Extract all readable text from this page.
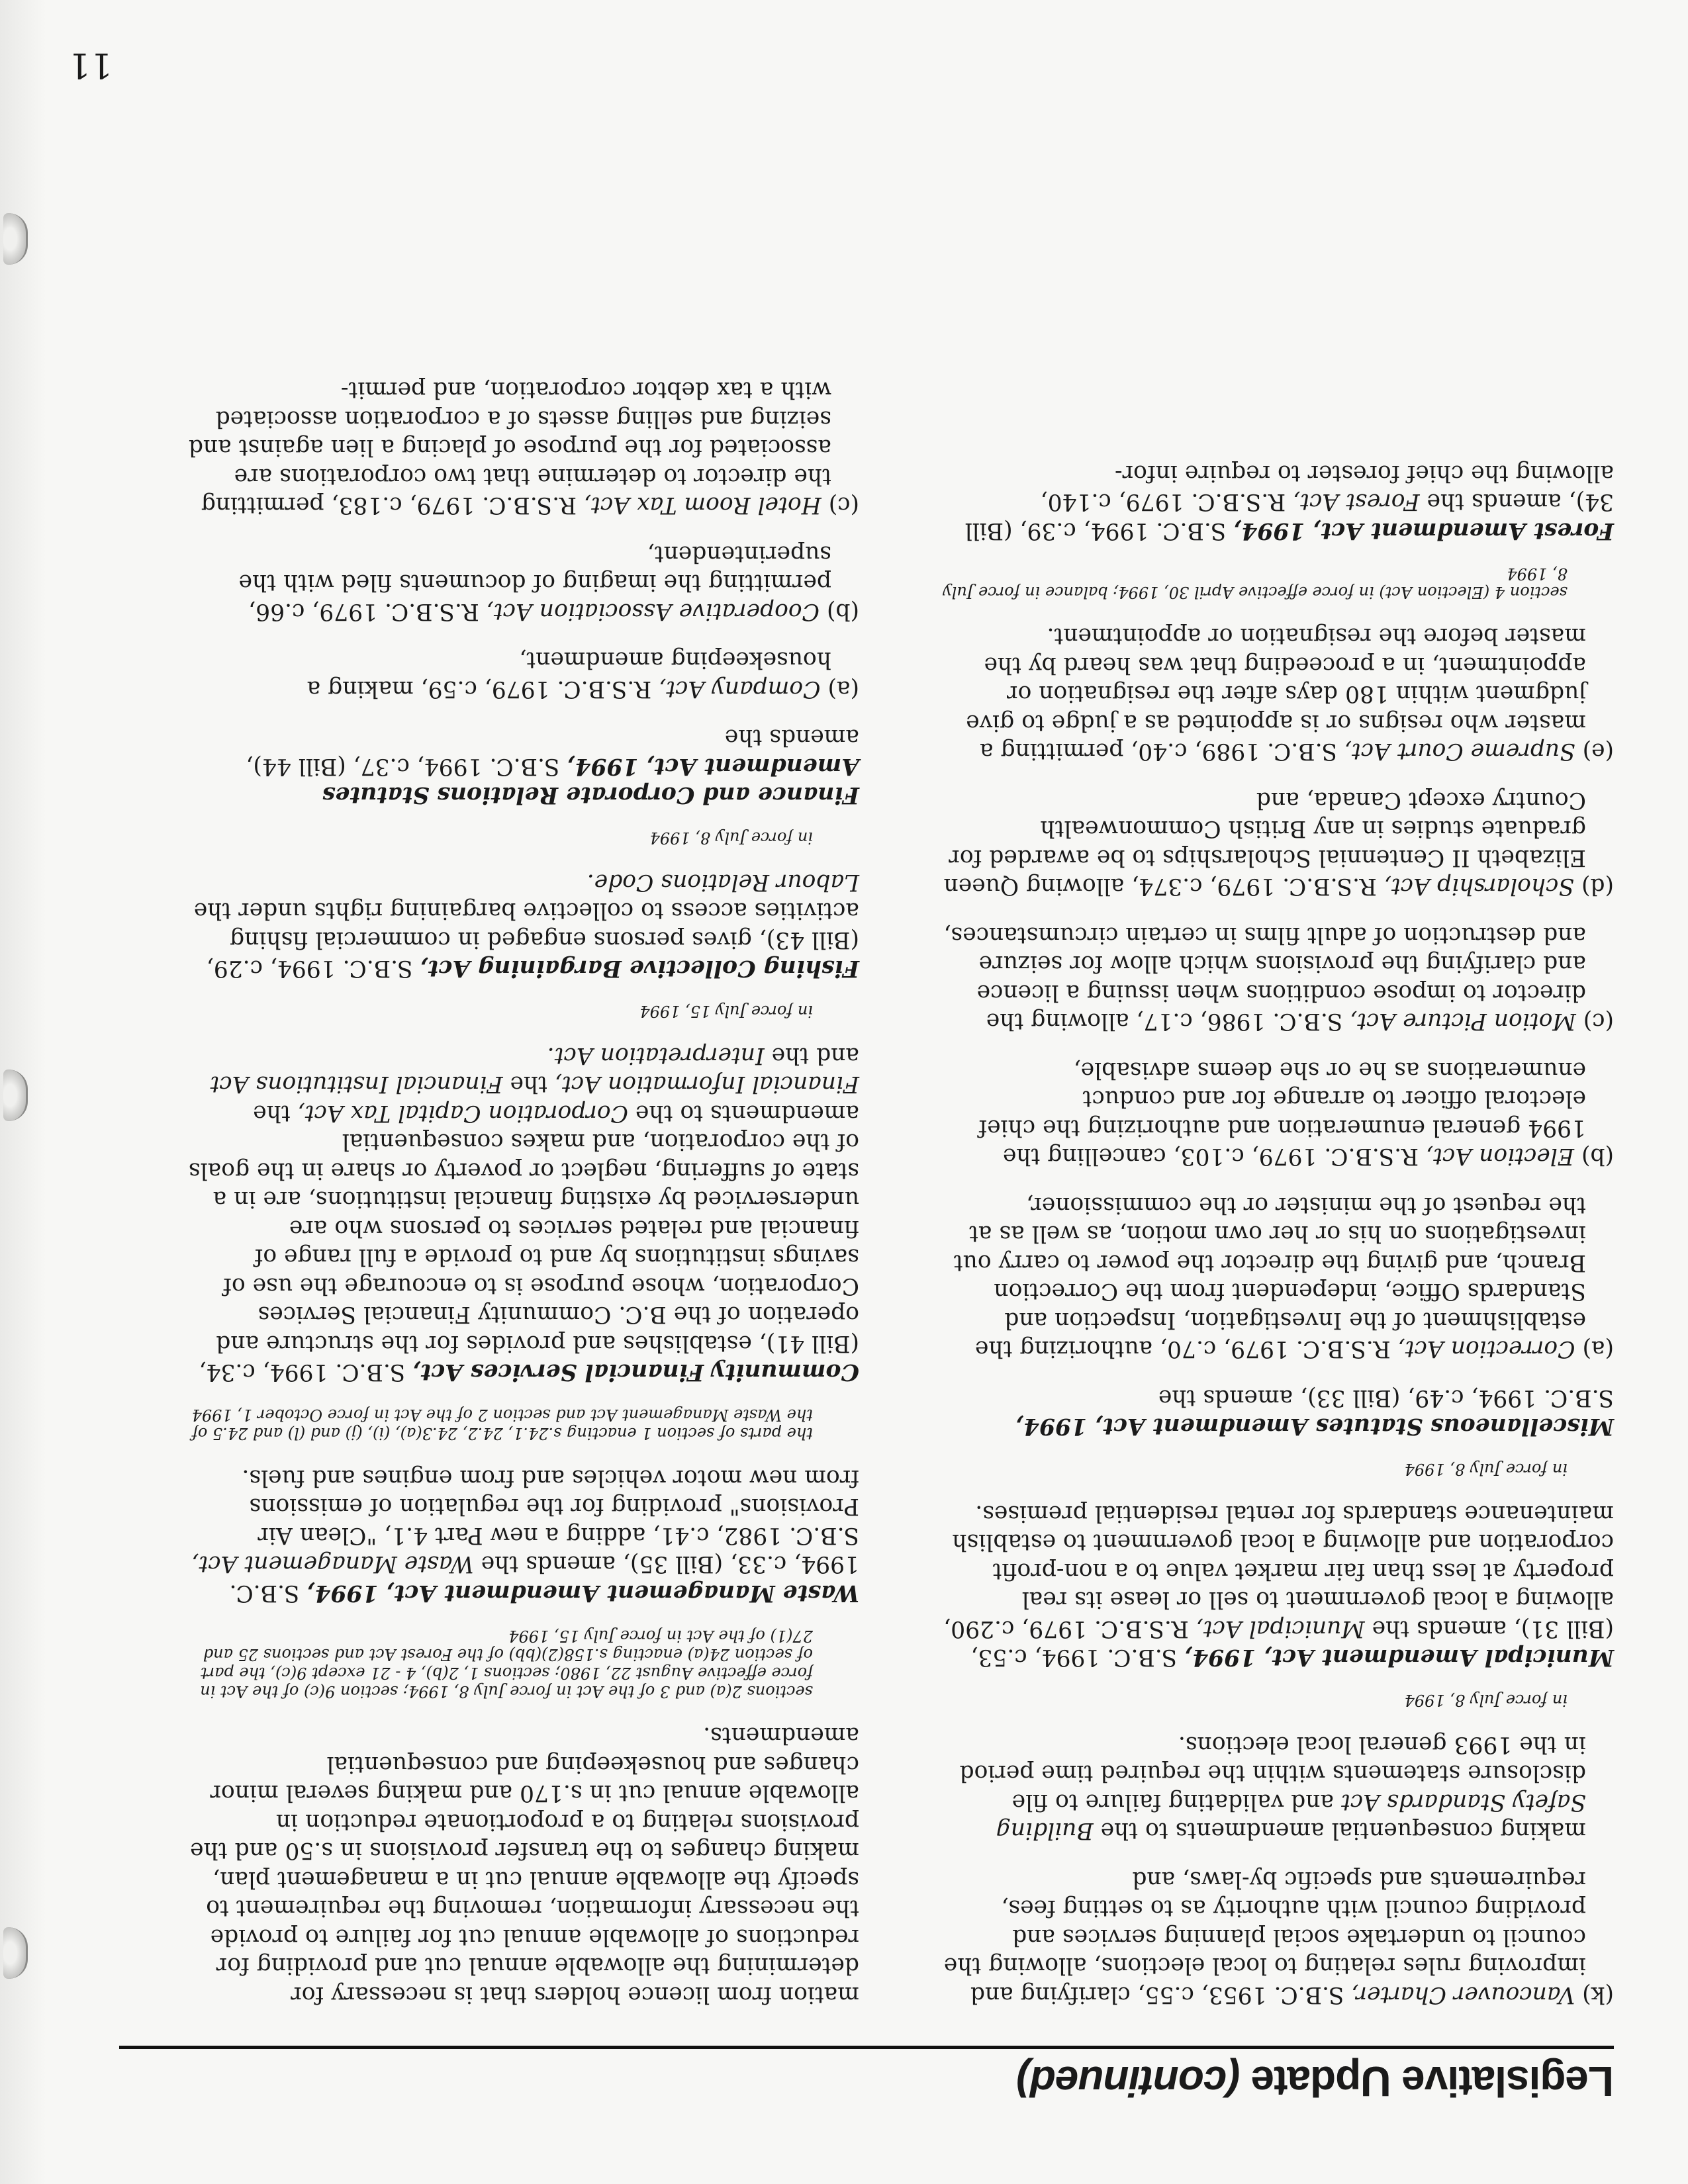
Legislative Update (continued)

(k) Vancouver Charter, S.B.C. 1953, c.55, clarifying and improving rules relating to local elections, allowing the council to undertake social planning services and providing council with authority as to setting fees, requirements and specific by-laws, and

making consequential amendments to the Building Safety Standards Act and validating failure to file disclosure statements within the required time period in the 1993 general local elections.

in force July 8, 1994

Municipal Amendment Act, 1994, S.B.C. 1994, c.53, (Bill 31), amends the Municipal Act, R.S.B.C. 1979, c.290, allowing a local government to sell or lease its real property at less than fair market value to a non-profit corporation and allowing a local government to establish maintenance standards for rental residential premises.

in force July 8, 1994

Miscellaneous Statutes Amendment Act, 1994, S.B.C. 1994, c.49, (Bill 33), amends the

(a) Correction Act, R.S.B.C. 1979, c.70, authorizing the establishment of the Investigation, Inspection and Standards Office, independent from the Correction Branch, and giving the director the power to carry out investigations on his or her own motion, as well as at the request of the minister or the commissioner,

(b) Election Act, R.S.B.C. 1979, c.103, cancelling the 1994 general enumeration and authorizing the chief electoral officer to arrange for and conduct enumerations as he or she deems advisable,

(c) Motion Picture Act, S.B.C. 1986, c.17, allowing the director to impose conditions when issuing a licence and clarifying the provisions which allow for seizure and destruction of adult films in certain circumstances,

(d) Scholarship Act, R.S.B.C. 1979, c.374, allowing Queen Elizabeth II Centennial Scholarships to be awarded for graduate studies in any British Commonwealth Country except Canada, and

(e) Supreme Court Act, S.B.C. 1989, c.40, permitting a master who resigns or is appointed as a judge to give judgment within 180 days after the resignation or appointment, in a proceeding that was heard by the master before the resignation or appointment.

section 4 (Election Act) in force effective April 30, 1994; balance in force July 8, 1994

Forest Amendment Act, 1994, S.B.C. 1994, c.39, (Bill 34), amends the Forest Act, R.S.B.C. 1979, c.140, allowing the chief forester to require infor-

mation from licence holders that is necessary for determining the allowable annual cut and providing for reductions of allowable annual cut for failure to provide the necessary information, removing the requirement to specify the allowable annual cut in a management plan, making changes to the transfer provisions in s.50 and the provisions relating to a proportionate reduction in allowable annual cut in s.170 and making several minor changes and housekeeping and consequential amendments.

sections 2(a) and 3 of the Act in force July 8, 1994; section 9(c) of the Act in force effective August 22, 1980; sections 1, 2(b), 4 - 21 except 9(c), the part of section 24(a) enacting s.158(2)(bb) of the Forest Act and sections 25 and 27(1) of the Act in force July 15, 1994

Waste Management Amendment Act, 1994, S.B.C. 1994, c.33, (Bill 35), amends the Waste Management Act, S.B.C. 1982, c.41, adding a new Part 4.1, "Clean Air Provisions" providing for the regulation of emissions from new motor vehicles and from engines and fuels.

the parts of section 1 enacting s.24.1, 24.2, 24.3(a), (i), (j) and (l) and 24.5 of the Waste Management Act and section 2 of the Act in force October 1, 1994

Community Financial Services Act, S.B.C. 1994, c.34, (Bill 41), establishes and provides for the structure and operation of the B.C. Community Financial Services Corporation, whose purpose is to encourage the use of savings institutions by and to provide a full range of financial and related services to persons who are underserviced by existing financial institutions, are in a state of suffering, neglect or poverty or share in the goals of the corporation, and makes consequential amendments to the Corporation Capital Tax Act, the Financial Information Act, the Financial Institutions Act and the Interpretation Act.

in force July 15, 1994

Fishing Collective Bargaining Act, S.B.C. 1994, c.29, (Bill 43), gives persons engaged in commercial fishing activities access to collective bargaining rights under the Labour Relations Code.

in force July 8, 1994

Finance and Corporate Relations Statutes Amendment Act, 1994, S.B.C. 1994, c.37, (Bill 44), amends the

(a) Company Act, R.S.B.C. 1979, c.59, making a housekeeping amendment,

(b) Cooperative Association Act, R.S.B.C. 1979, c.66, permitting the imaging of documents filed with the superintendent,

(c) Hotel Room Tax Act, R.S.B.C. 1979, c.183, permitting the director to determine that two corporations are associated for the purpose of placing a lien against and seizing and selling assets of a corporation associated with a tax debtor corporation, and permit-

11
